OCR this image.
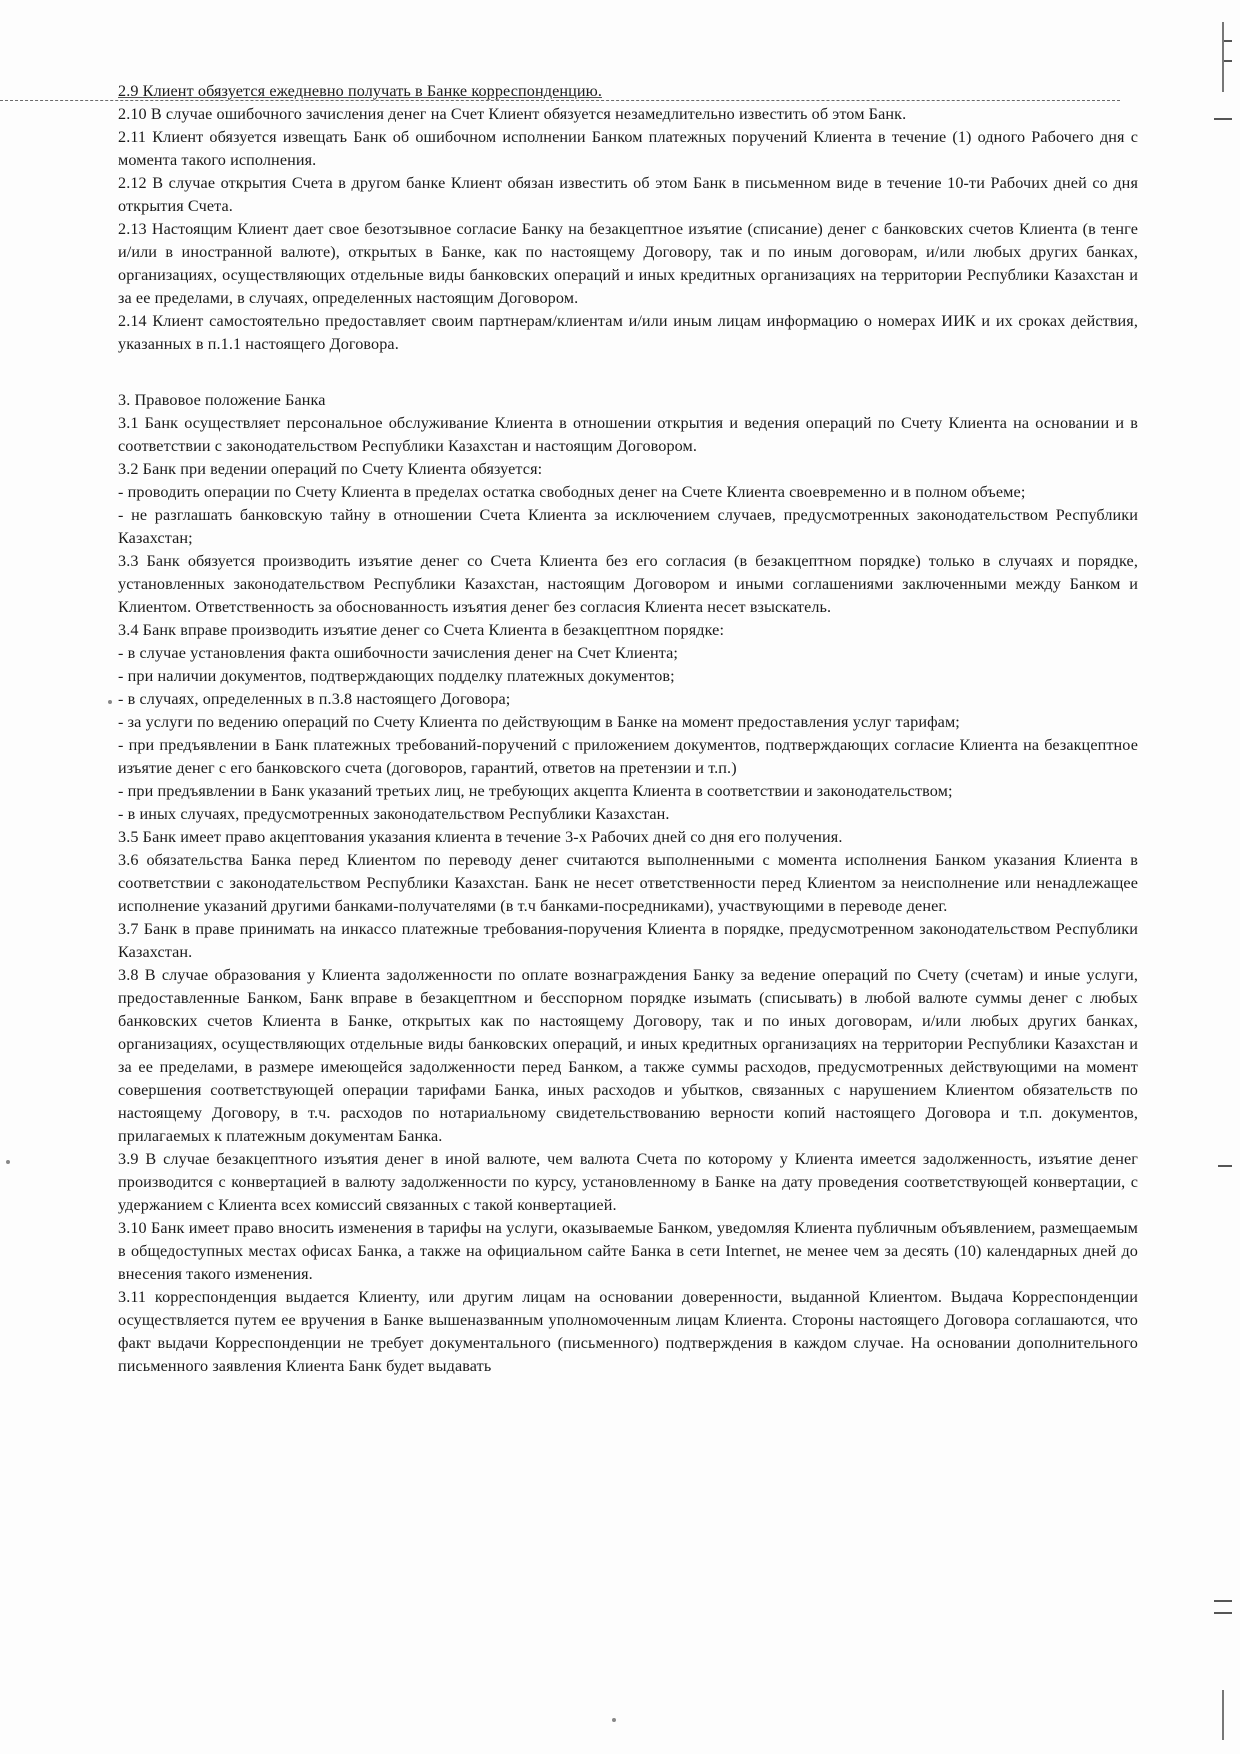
2.9 Клиент обязуется ежедневно получать в Банке корреспонденцию.

2.10 В случае ошибочного зачисления денег на Счет Клиент обязуется незамедлительно известить об этом Банк.

2.11 Клиент обязуется извещать Банк об ошибочном исполнении Банком платежных поручений Клиента в течение (1) одного Рабочего дня с момента такого исполнения.

2.12 В случае открытия Счета в другом банке Клиент обязан известить об этом Банк в письменном виде в течение 10-ти Рабочих дней со дня открытия Счета.

2.13 Настоящим Клиент дает свое безотзывное согласие Банку на безакцептное изъятие (списание) денег с банковских счетов Клиента (в тенге и/или в иностранной валюте), открытых в Банке, как по настоящему Договору, так и по иным договорам, и/или любых других банках, организациях, осуществляющих отдельные виды банковских операций и иных кредитных организациях на территории Республики Казахстан и за ее пределами, в случаях, определенных настоящим Договором.

2.14 Клиент самостоятельно предоставляет своим партнерам/клиентам и/или иным лицам информацию о номерах ИИК и их сроках действия, указанных в п.1.1 настоящего Договора.

3. Правовое положение Банка

3.1 Банк осуществляет персональное обслуживание Клиента в отношении открытия и ведения операций по Счету Клиента на основании и в соответствии с законодательством Республики Казахстан и настоящим Договором.

3.2 Банк при ведении операций по Счету Клиента обязуется:

- проводить операции по Счету Клиента в пределах остатка свободных денег на Счете Клиента своевременно и в полном объеме;

- не разглашать банковскую тайну в отношении Счета Клиента за исключением случаев, предусмотренных законодательством Республики Казахстан;

3.3 Банк обязуется производить изъятие денег со Счета Клиента без его согласия (в безакцептном порядке) только в случаях и порядке, установленных законодательством Республики Казахстан, настоящим Договором и иными соглашениями заключенными между Банком и Клиентом. Ответственность за обоснованность изъятия денег без согласия Клиента несет взыскатель.

3.4 Банк вправе производить изъятие денег со Счета Клиента в безакцептном порядке:

- в случае установления факта ошибочности зачисления денег на Счет Клиента;

- при наличии документов, подтверждающих подделку платежных документов;

- в случаях, определенных в п.3.8 настоящего Договора;

- за услуги по ведению операций по Счету Клиента по действующим в Банке на момент предоставления услуг тарифам;

- при предъявлении в Банк платежных требований-поручений с приложением документов, подтверждающих согласие Клиента на безакцептное изъятие денег с его банковского счета (договоров, гарантий, ответов на претензии и т.п.)

- при предъявлении в Банк указаний третьих лиц, не требующих акцепта Клиента в соответствии и законодательством;

- в иных случаях, предусмотренных законодательством Республики Казахстан.

3.5 Банк имеет право акцептования указания клиента в течение 3-х Рабочих дней со дня его получения.

3.6 обязательства Банка перед Клиентом по переводу денег считаются выполненными с момента исполнения Банком указания Клиента в соответствии с законодательством Республики Казахстан. Банк не несет ответственности перед Клиентом за неисполнение или ненадлежащее исполнение указаний другими банками-получателями (в т.ч банками-посредниками), участвующими в переводе денег.

3.7 Банк в праве принимать на инкассо платежные требования-поручения Клиента в порядке, предусмотренном законодательством Республики Казахстан.

3.8 В случае образования у Клиента задолженности по оплате вознаграждения Банку за ведение операций по Счету (счетам) и иные услуги, предоставленные Банком, Банк вправе в безакцептном и бесспорном порядке изымать (списывать) в любой валюте суммы денег с любых банковских счетов Клиента в Банке, открытых как по настоящему Договору, так и по иных договорам, и/или любых других банках, организациях, осуществляющих отдельные виды банковских операций, и иных кредитных организациях на территории Республики Казахстан и за ее пределами, в размере имеющейся задолженности перед Банком, а также суммы расходов, предусмотренных действующими на момент совершения соответствующей операции тарифами Банка, иных расходов и убытков, связанных с нарушением Клиентом обязательств по настоящему Договору, в т.ч. расходов по нотариальному свидетельствованию верности копий настоящего Договора и т.п. документов, прилагаемых к платежным документам Банка.

3.9 В случае безакцептного изъятия денег в иной валюте, чем валюта Счета по которому у Клиента имеется задолженность, изъятие денег производится с конвертацией в валюту задолженности по курсу, установленному в Банке на дату проведения соответствующей конвертации, с удержанием с Клиента всех комиссий связанных с такой конвертацией.

3.10 Банк имеет право вносить изменения в тарифы на услуги, оказываемые Банком, уведомляя Клиента публичным объявлением, размещаемым в общедоступных местах офисах Банка, а также на официальном сайте Банка в сети Internet, не менее чем за десять (10) календарных дней до внесения такого изменения.

3.11 корреспонденция выдается Клиенту, или другим лицам на основании доверенности, выданной Клиентом. Выдача Корреспонденции осуществляется путем ее вручения в Банке вышеназванным уполномоченным лицам Клиента. Стороны настоящего Договора соглашаются, что факт выдачи Корреспонденции не требует документального (письменного) подтверждения в каждом случае. На основании дополнительного письменного заявления Клиента Банк будет выдавать
